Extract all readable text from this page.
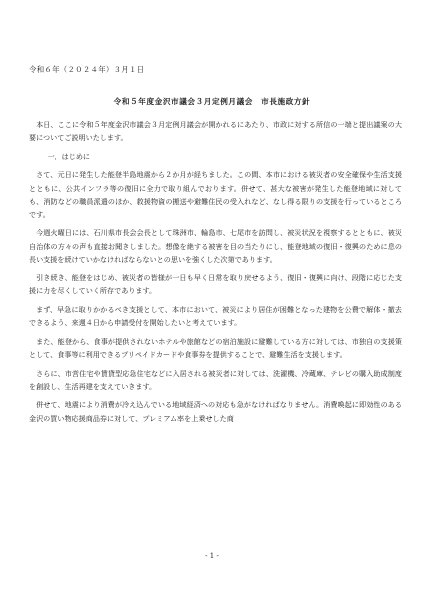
令和６年（２０２４年）３月１日
令和５年度金沢市議会３月定例月議会　市長施政方針

本日、ここに令和５年度金沢市議会３月定例月議会が開かれるにあたり、市政に対する所信の一端と提出議案の大要についてご説明いたします。

一．はじめに

さて、元日に発生した能登半島地震から２か月が経ちました。この間、本市における被災者の安全確保や生活支援とともに、公共インフラ等の復旧に全力で取り組んでおります。併せて、甚大な被害が発生した能登地域に対しても、消防などの職員派遣のほか、救援物資の搬送や避難住民の受入れなど、なし得る限りの支援を行っているところです。

今週火曜日には、石川県市長会会長として珠洲市、輪島市、七尾市を訪問し、被災状況を視察するとともに、被災自治体の方々の声も直接お聞きしました。想像を絶する被害を目の当たりにし、能登地域の復旧・復興のために息の長い支援を続けていかなければならないとの思いを強くした次第であります。

引き続き、能登をはじめ、被災者の皆様が一日も早く日常を取り戻せるよう、復旧・復興に向け、段階に応じた支援に力を尽くしていく所存であります。

まず、早急に取りかかるべき支援として、本市において、被災により居住が困難となった建物を公費で解体・撤去できるよう、来週４日から申請受付を開始したいと考えています。

また、能登から、食事が提供されないホテルや旅館などの宿泊施設に避難している方に対しては、市独自の支援策として、食事等に利用できるプリペイドカードや食事券を提供することで、避難生活を支援します。

さらに、市営住宅や賃貸型応急住宅などに入居される被災者に対しては、洗濯機、冷蔵庫、テレビの購入助成制度を創設し、生活再建を支えていきます。

併せて、地震により消費が冷え込んでいる地域経済への対応も急がなければなりません。消費喚起に即効性のある金沢の買い物応援商品券に対して、プレミアム率を上乗せした商

- 1 -
